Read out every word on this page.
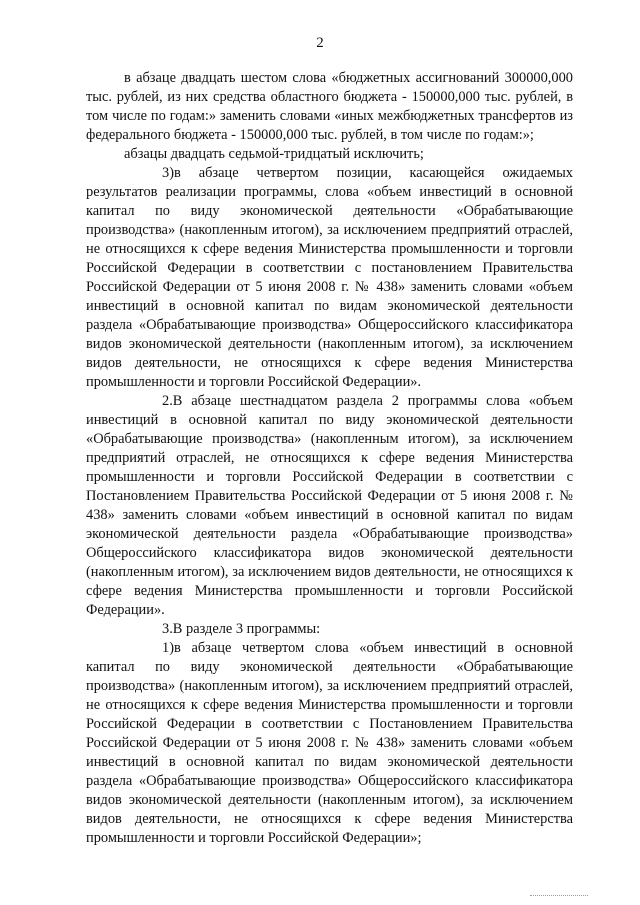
2

в абзаце двадцать шестом слова «бюджетных ассигнований 300000,000 тыс. рублей, из них средства областного бюджета - 150000,000 тыс. рублей, в том числе по годам:» заменить словами «иных межбюджетных трансфертов из федерального бюджета - 150000,000 тыс. рублей, в том числе по годам:»;

абзацы двадцать седьмой-тридцатый исключить;

3)в абзаце четвертом позиции, касающейся ожидаемых результатов реализации программы, слова «объем инвестиций в основной капитал по виду экономической деятельности «Обрабатывающие производства» (накопленным итогом), за исключением предприятий отраслей, не относящихся к сфере ведения Министерства промышленности и торговли Российской Федерации в соответствии с постановлением Правительства Российской Федерации от 5 июня 2008 г. № 438» заменить словами «объем инвестиций в основной капитал по видам экономической деятельности раздела «Обрабатывающие производства» Общероссийского классификатора видов экономической деятельности (накопленным итогом), за исключением видов деятельности, не относящихся к сфере ведения Министерства промышленности и торговли Российской Федерации».

2.В абзаце шестнадцатом раздела 2 программы слова «объем инвестиций в основной капитал по виду экономической деятельности «Обрабатывающие производства» (накопленным итогом), за исключением предприятий отраслей, не относящихся к сфере ведения Министерства промышленности и торговли Российской Федерации в соответствии с Постановлением Правительства Российской Федерации от 5 июня 2008 г. № 438» заменить словами «объем инвестиций в основной капитал по видам экономической деятельности раздела «Обрабатывающие производства» Общероссийского классификатора видов экономической деятельности (накопленным итогом), за исключением видов деятельности, не относящихся к сфере ведения Министерства промышленности и торговли Российской Федерации».

3.В разделе 3 программы:

1)в абзаце четвертом слова «объем инвестиций в основной капитал по виду экономической деятельности «Обрабатывающие производства» (накопленным итогом), за исключением предприятий отраслей, не относящихся к сфере ведения Министерства промышленности и торговли Российской Федерации в соответствии с Постановлением Правительства Российской Федерации от 5 июня 2008 г. № 438» заменить словами «объем инвестиций в основной капитал по видам экономической деятельности раздела «Обрабатывающие производства» Общероссийского классификатора видов экономической деятельности (накопленным итогом), за исключением видов деятельности, не относящихся к сфере ведения Министерства промышленности и торговли Российской Федерации»;
